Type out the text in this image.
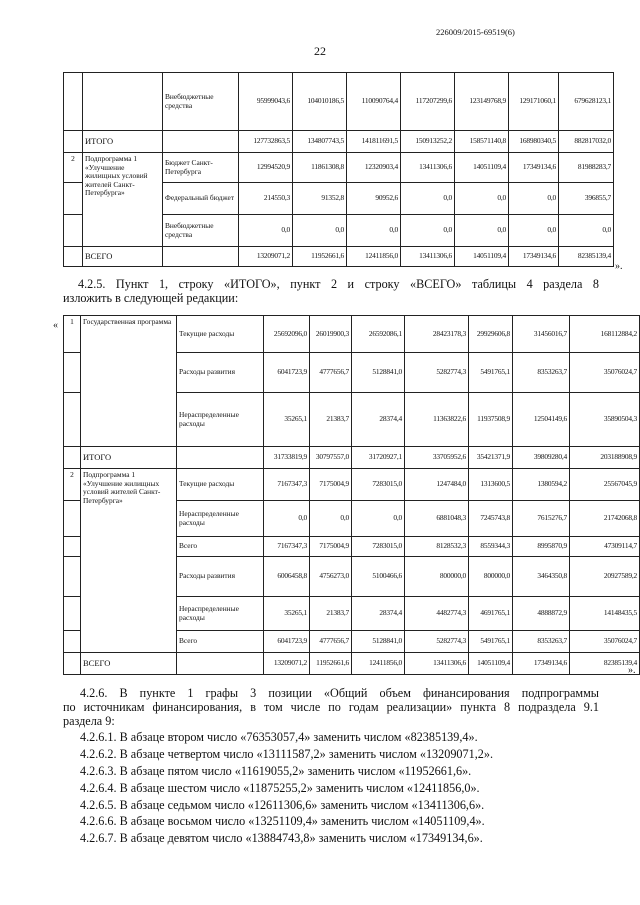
226009/2015-69519(6)
22
		Внебюджетные средства	95999043,6	104010186,5	110090764,4	117207299,6	123149768,9	129171060,1	679628123,1
	ИТОГО		127732863,5	134807743,5	141811691,5	150913252,2	158571140,8	168980340,5	882817032,0
2	Подпрограмма 1 «Улучшение жилищных условий жителей Санкт-Петербурга»	Бюджет Санкт-Петербурга	12994520,9	11861308,8	12320903,4	13411306,6	14051109,4	17349134,6	81988283,7
		Федеральный бюджет	214550,3	91352,8	90952,6	0,0	0,0	0,0	396855,7
		Внебюджетные средства	0,0	0,0	0,0	0,0	0,0	0,0	0,0
	ВСЕГО		13209071,2	11952661,6	12411856,0	13411306,6	14051109,4	17349134,6	82385139,4
».
4.2.5. Пункт 1, строку «ИТОГО», пункт 2 и строку «ВСЕГО» таблицы 4 раздела 8
изложить в следующей редакции:
« 1	Государственная программа	Текущие расходы	25692096,0	26019900,3	26592086,1	28423178,3	29929606,8	31456016,7	168112884,2
		Расходы развития	6041723,9	4777656,7	5128841,0	5282774,3	5491765,1	8353263,7	35076024,7
		Нераспределенные расходы	35265,1	21383,7	28374,4	11363822,6	11937508,9	12504149,6	35890504,3
	ИТОГО		31733819,9	30797557,0	31720927,1	33705952,6	35421371,9	39809280,4	203188908,9
2	Подпрограмма 1 «Улучшение жилищных условий жителей Санкт-Петербурга»	Текущие расходы	7167347,3	7175004,9	7283015,0	1247484,0	1313600,5	1380594,2	25567045,9
		Нераспределенные расходы	0,0	0,0	0,0	6881048,3	7245743,8	7615276,7	21742068,8
		Всего	7167347,3	7175004,9	7283015,0	8128532,3	8559344,3	8995870,9	47309114,7
		Расходы развития	6006458,8	4756273,0	5100466,6	800000,0	800000,0	3464350,8	20927589,2
		Нераспределенные расходы	35265,1	21383,7	28374,4	4482774,3	4691765,1	4888872,9	14148435,5
		Всего	6041723,9	4777656,7	5128841,0	5282774,3	5491765,1	8353263,7	35076024,7
	ВСЕГО		13209071,2	11952661,6	12411856,0	13411306,6	14051109,4	17349134,6	82385139,4
».
4.2.6. В пункте 1 графы 3 позиции «Общий объем финансирования подпрограммы
по источникам финансирования, в том числе по годам реализации» пункта 8 подраздела 9.1
раздела 9:
4.2.6.1. В абзаце втором число «76353057,4» заменить числом «82385139,4».
4.2.6.2. В абзаце четвертом число «13111587,2» заменить числом «13209071,2».
4.2.6.3. В абзаце пятом число «11619055,2» заменить числом «11952661,6».
4.2.6.4. В абзаце шестом число «11875255,2» заменить числом «12411856,0».
4.2.6.5. В абзаце седьмом число «12611306,6» заменить числом «13411306,6».
4.2.6.6. В абзаце восьмом число «13251109,4» заменить числом «14051109,4».
4.2.6.7. В абзаце девятом число «13884743,8» заменить числом «17349134,6».
